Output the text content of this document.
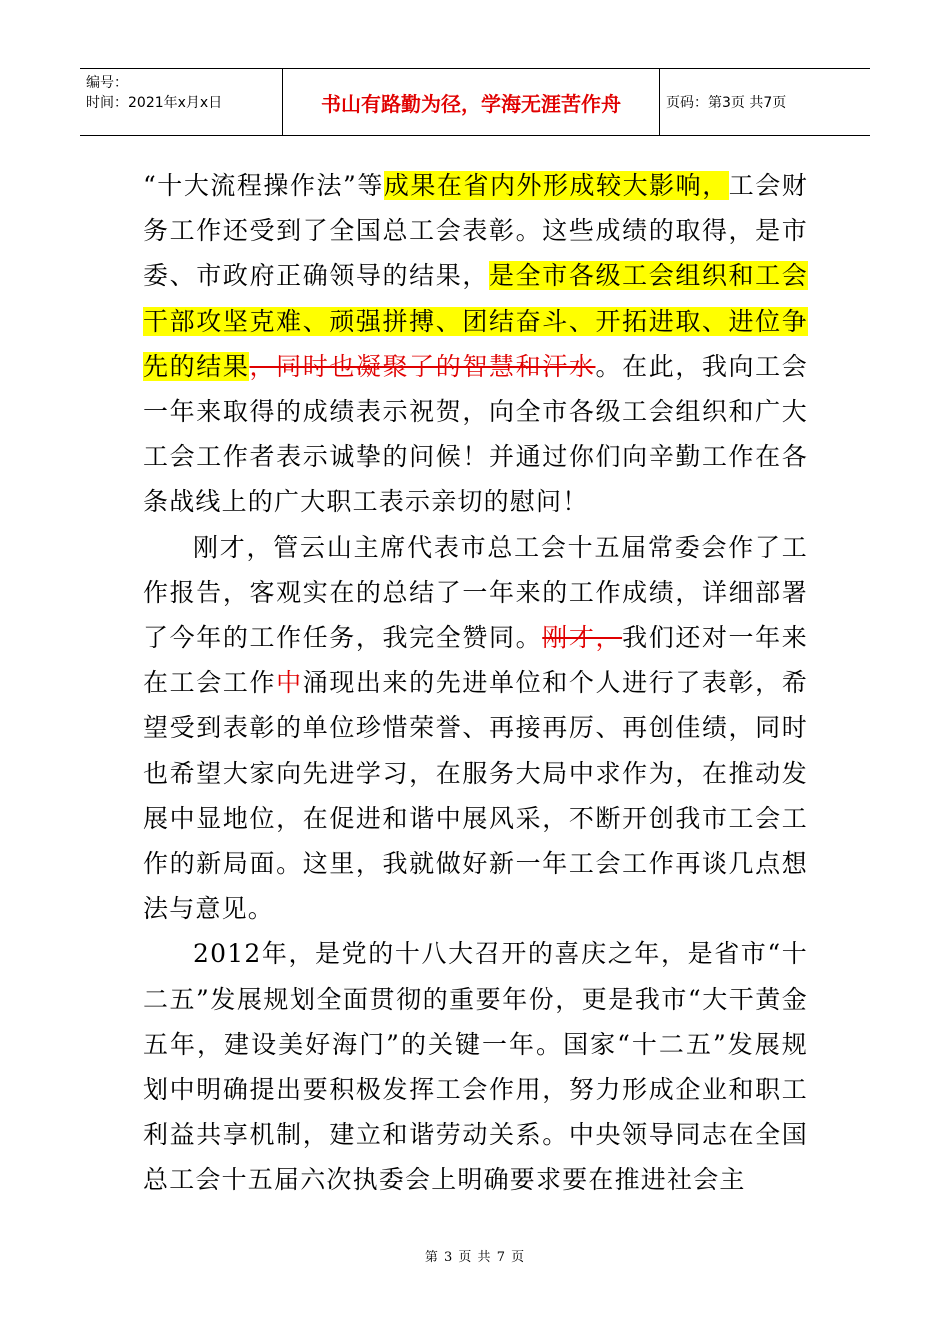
编号：
时间：2021年x月x日	书山有路勤为径，学海无涯苦作舟	页码：第3页 共7页

“十大流程操作法”等成果在省内外形成较大影响，工会财务工作还受到了全国总工会表彰。这些成绩的取得，是市委、市政府正确领导的结果，是全市各级工会组织和工会干部攻坚克难、顽强拼搏、团结奋斗、开拓进取、进位争先的结果，同时也凝聚了的智慧和汗水。在此，我向工会一年来取得的成绩表示祝贺，向全市各级工会组织和广大工会工作者表示诚挚的问候！并通过你们向辛勤工作在各条战线上的广大职工表示亲切的慰问！

刚才，管云山主席代表市总工会十五届常委会作了工作报告，客观实在的总结了一年来的工作成绩，详细部署了今年的工作任务，我完全赞同。刚才，我们还对一年来在工会工作中涌现出来的先进单位和个人进行了表彰，希望受到表彰的单位珍惜荣誉、再接再厉、再创佳绩，同时也希望大家向先进学习，在服务大局中求作为，在推动发展中显地位，在促进和谐中展风采，不断开创我市工会工作的新局面。这里，我就做好新一年工会工作再谈几点想法与意见。

2012年，是党的十八大召开的喜庆之年，是省市“十二五”发展规划全面贯彻的重要年份，更是我市“大干黄金五年，建设美好海门”的关键一年。国家“十二五”发展规划中明确提出要积极发挥工会作用，努力形成企业和职工利益共享机制，建立和谐劳动关系。中央领导同志在全国总工会十五届六次执委会上明确要求要在推进社会主

第 3 页 共 7 页
